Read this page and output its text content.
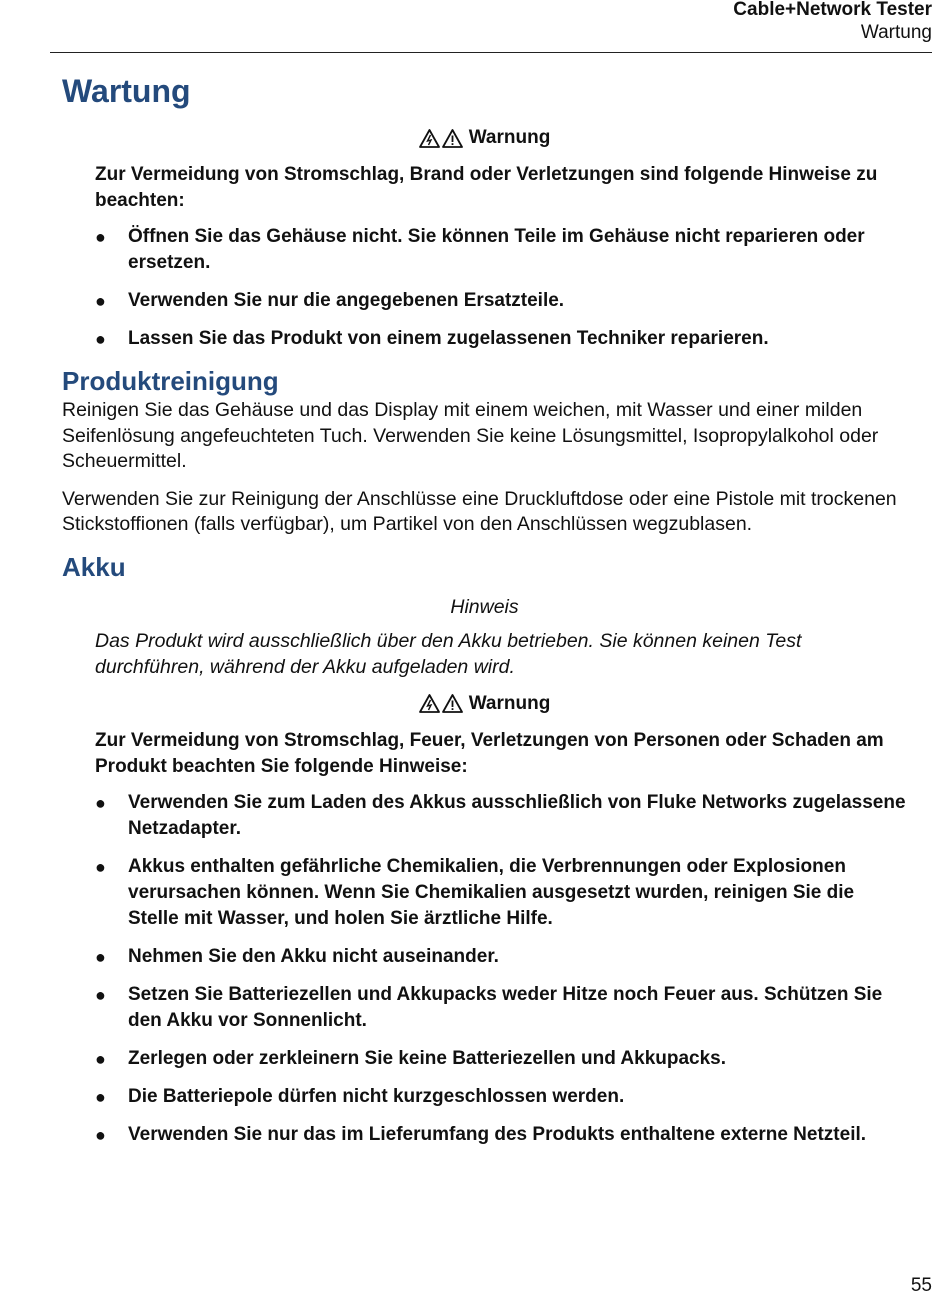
Cable+Network Tester
Wartung
Wartung
Warnung

Zur Vermeidung von Stromschlag, Brand oder Verletzungen sind folgende Hinweise zu beachten:

● Öffnen Sie das Gehäuse nicht. Sie können Teile im Gehäuse nicht reparieren oder ersetzen.
● Verwenden Sie nur die angegebenen Ersatzteile.
● Lassen Sie das Produkt von einem zugelassenen Techniker reparieren.
Produktreinigung

Reinigen Sie das Gehäuse und das Display mit einem weichen, mit Wasser und einer milden Seifenlösung angefeuchteten Tuch. Verwenden Sie keine Lösungsmittel, Isopropylalkohol oder Scheuermittel.

Verwenden Sie zur Reinigung der Anschlüsse eine Druckluftdose oder eine Pistole mit trockenen Stickstoffionen (falls verfügbar), um Partikel von den Anschlüssen wegzublasen.

Akku
Hinweis

Das Produkt wird ausschließlich über den Akku betrieben. Sie können keinen Test durchführen, während der Akku aufgeladen wird.

Warnung

Zur Vermeidung von Stromschlag, Feuer, Verletzungen von Personen oder Schaden am Produkt beachten Sie folgende Hinweise:

● Verwenden Sie zum Laden des Akkus ausschließlich von Fluke Networks zugelassene Netzadapter.
● Akkus enthalten gefährliche Chemikalien, die Verbrennungen oder Explosionen verursachen können. Wenn Sie Chemikalien ausgesetzt wurden, reinigen Sie die Stelle mit Wasser, und holen Sie ärztliche Hilfe.
● Nehmen Sie den Akku nicht auseinander.
● Setzen Sie Batteriezellen und Akkupacks weder Hitze noch Feuer aus. Schützen Sie den Akku vor Sonnenlicht.
● Zerlegen oder zerkleinern Sie keine Batteriezellen und Akkupacks.
● Die Batteriepole dürfen nicht kurzgeschlossen werden.
● Verwenden Sie nur das im Lieferumfang des Produkts enthaltene externe Netzteil.
55
